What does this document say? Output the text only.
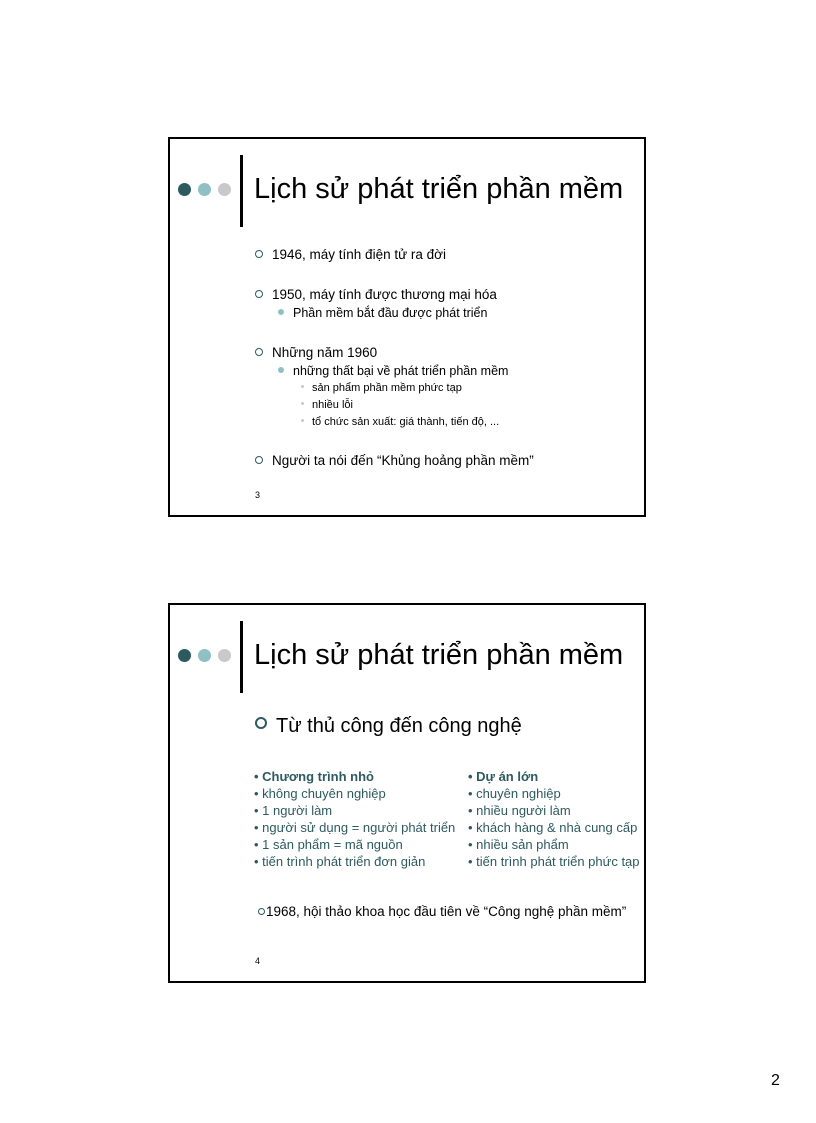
Lịch sử phát triển phần mềm
1946, máy tính điện tử ra đời
1950, máy tính được thương mại hóa
Phần mềm bắt đầu được phát triển
Những năm 1960
những thất bại về phát triển phần mềm
sản phẩm phần mềm phức tạp
nhiều lỗi
tổ chức sản xuất: giá thành, tiến độ, ...
Người ta nói đến “Khủng hoảng phần mềm”
3
Lịch sử phát triển phần mềm
Từ thủ công đến công nghệ
• Chương trình nhỏ
• không chuyên nghiệp
• 1 người làm
• người sử dụng = người phát triển
• 1 sản phẩm = mã nguồn
• tiến trình phát triển đơn giản
• Dự án lớn
• chuyên nghiệp
• nhiều người làm
• khách hàng & nhà cung cấp
• nhiều sản phẩm
• tiến trình phát triển phức tạp
1968, hội thảo khoa học đầu tiên về “Công nghệ phần mềm”
4
2
